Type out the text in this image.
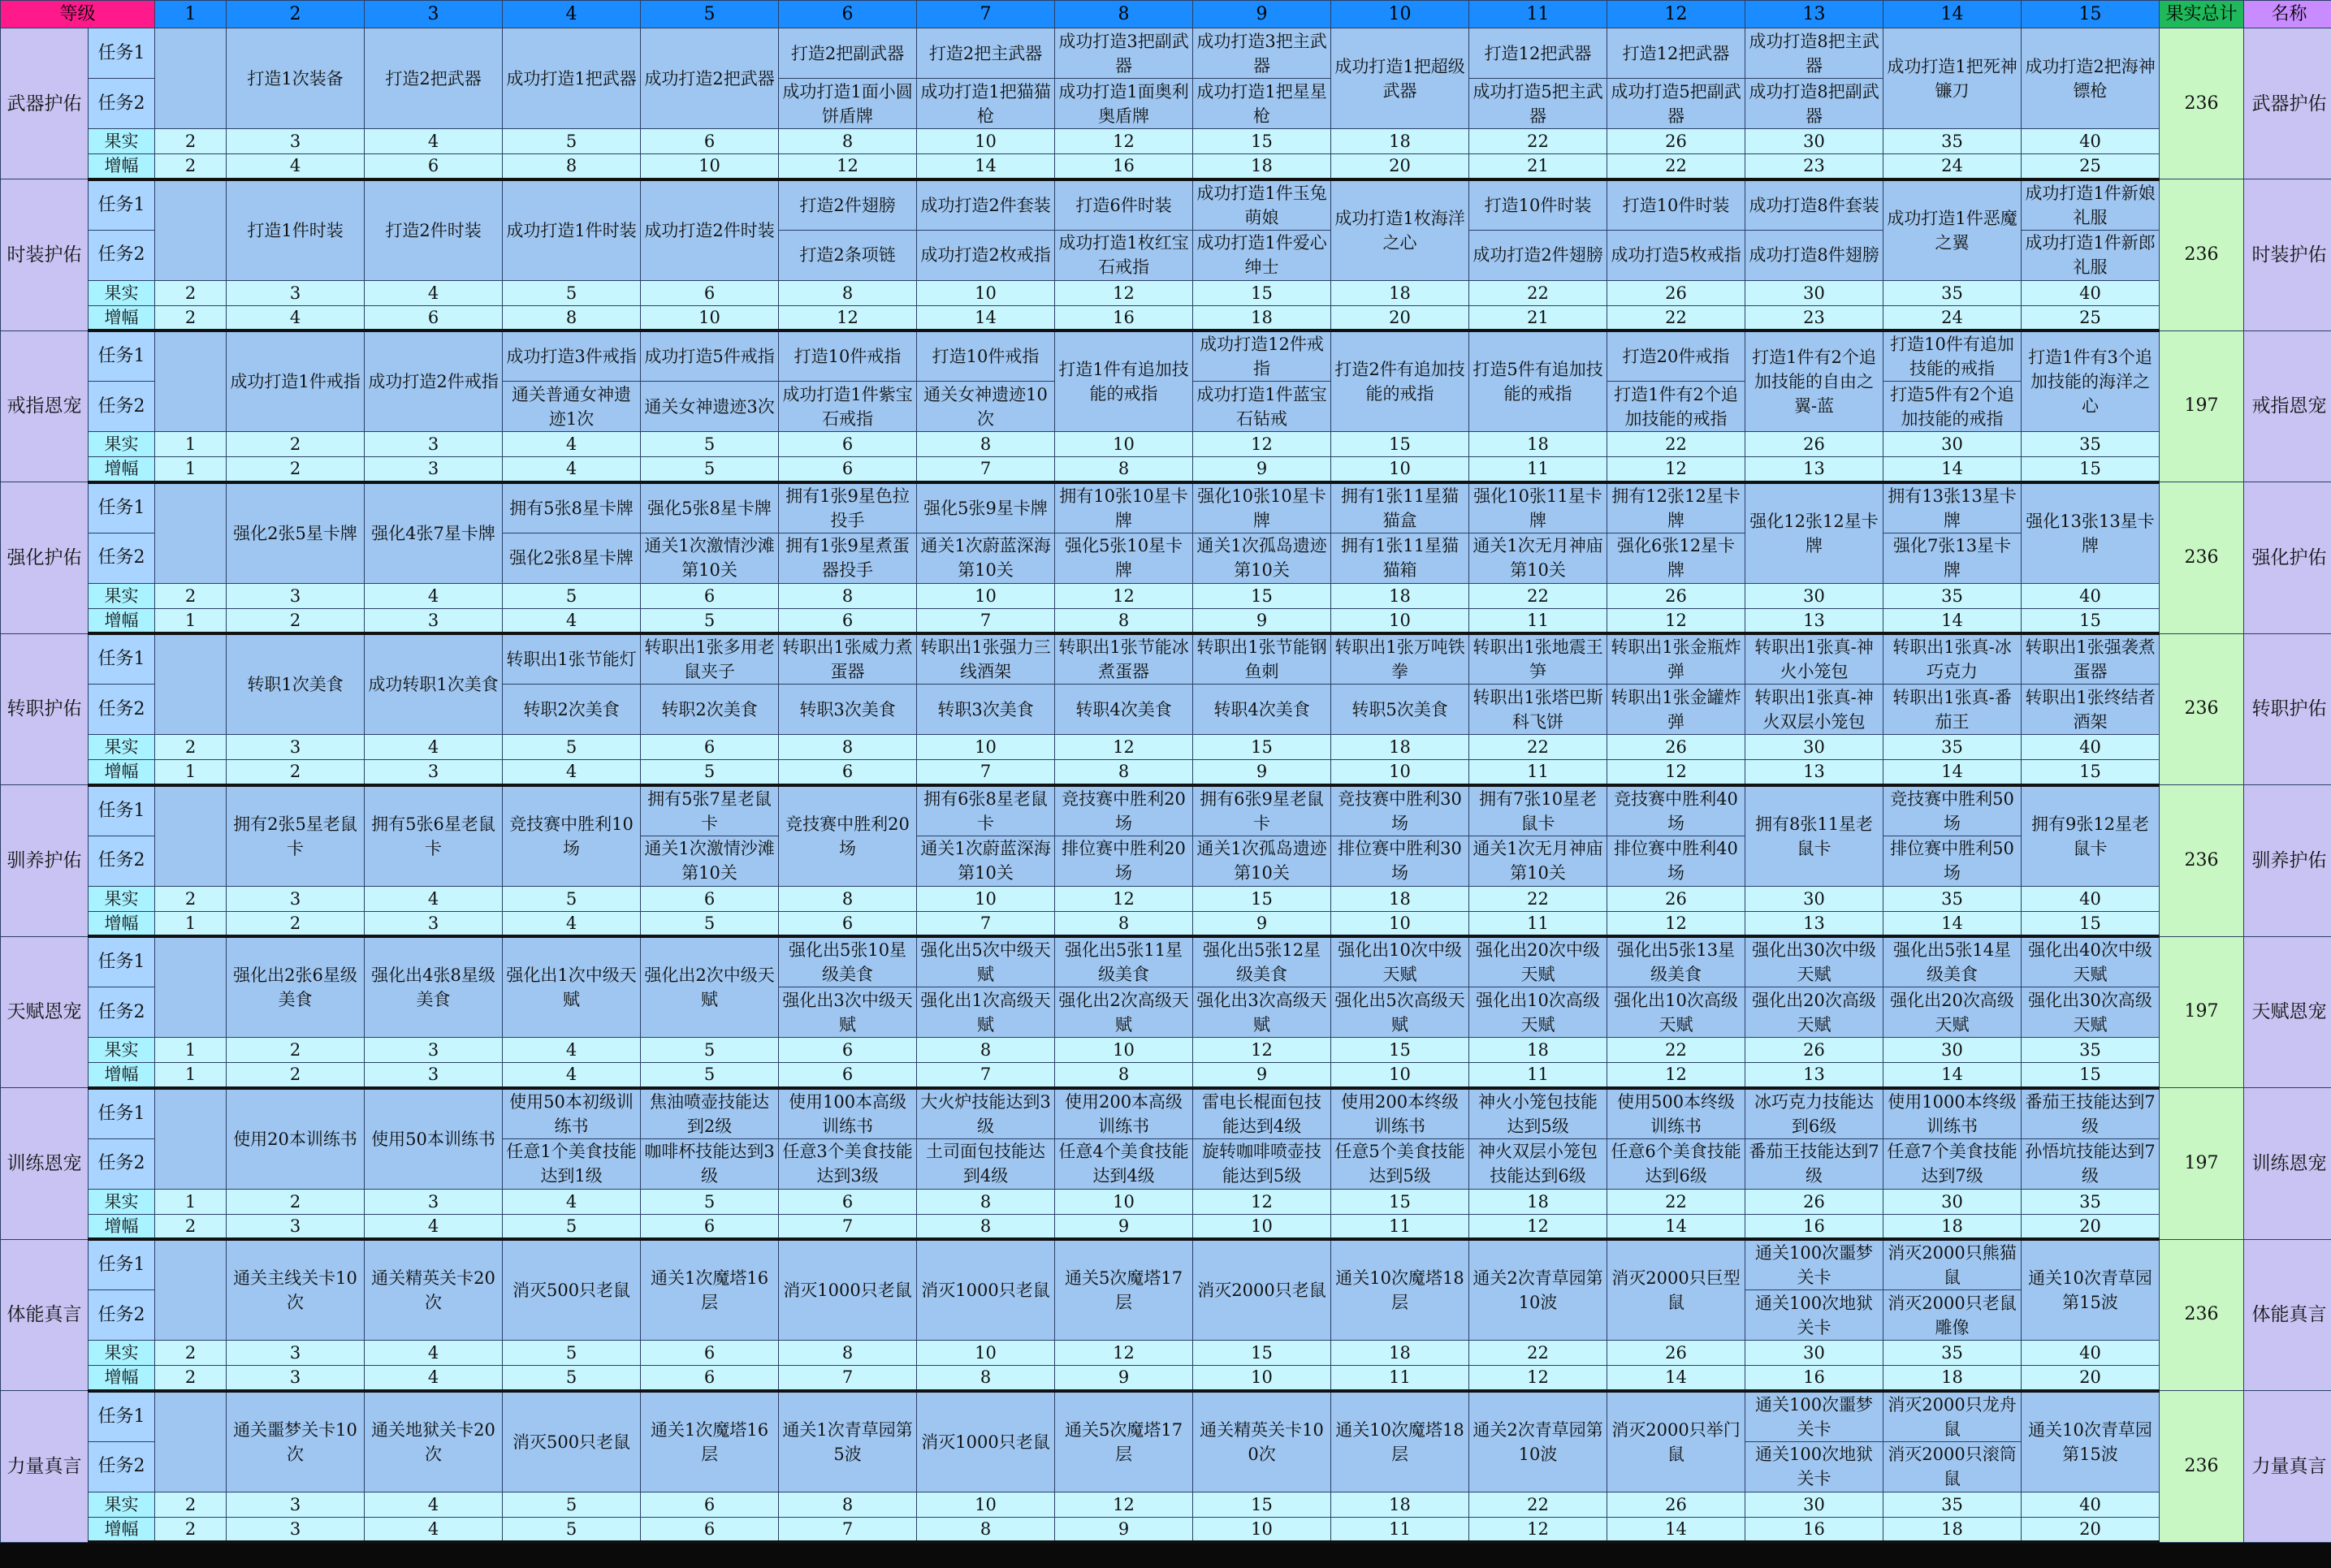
等级		1	2	3	4	5	6	7	8	9	10	11	12	13	14	15	果实总计	名称
武器护佑	任务1		打造1次装备	打造2把武器	成功打造1把武器	成功打造2把武器	打造2把副武器	打造2把主武器	成功打造3把副武器	成功打造3把主武器	成功打造1把超级武器	打造12把武器	打造12把武器	成功打造8把主武器	成功打造1把死神镰刀	成功打造2把海神镖枪	236	武器护佑
	任务2						成功打造1面小圆饼盾牌	成功打造1把猫猫枪	成功打造1面奥利奥盾牌	成功打造1把星星枪		成功打造5把主武器	成功打造5把副武器	成功打造8把副武器				
	果实	2	3	4	5	6	8	10	12	15	18	22	26	30	35	40		
	增幅	2	4	6	8	10	12	14	16	18	20	21	22	23	24	25		
时装护佑	任务1		打造1件时装	打造2件时装	成功打造1件时装	成功打造2件时装	打造2件翅膀	成功打造2件套装	打造6件时装	成功打造1件玉兔萌娘	成功打造1枚海洋之心	打造10件时装	打造10件时装	成功打造8件套装	成功打造1件恶魔之翼	成功打造1件新娘礼服	236	时装护佑
	任务2						打造2条项链	成功打造2枚戒指	成功打造1枚红宝石戒指	成功打造1件爱心绅士		成功打造2件翅膀	成功打造5枚戒指	成功打造8件翅膀		成功打造1件新郎礼服		
	果实	2	3	4	5	6	8	10	12	15	18	22	26	30	35	40		
	增幅	2	4	6	8	10	12	14	16	18	20	21	22	23	24	25		
戒指恩宠	任务1		成功打造1件戒指	成功打造2件戒指	成功打造3件戒指	成功打造5件戒指	打造10件戒指	打造10件戒指	打造1件有追加技能的戒指	成功打造12件戒指	打造2件有追加技能的戒指	打造5件有追加技能的戒指	打造20件戒指	打造1件有2个追加技能的自由之翼-蓝	打造10件有追加技能的戒指	打造1件有3个追加技能的海洋之心	197	戒指恩宠
	任务2				通关普通女神遗迹1次	通关女神遗迹3次	成功打造1件紫宝石戒指	通关女神遗迹10次		成功打造1件蓝宝石钻戒			打造1件有2个追加技能的戒指		打造5件有2个追加技能的戒指			
	果实	1	2	3	4	5	6	8	10	12	15	18	22	26	30	35		
	增幅	1	2	3	4	5	6	7	8	9	10	11	12	13	14	15		
强化护佑	任务1		强化2张5星卡牌	强化4张7星卡牌	拥有5张8星卡牌	强化5张8星卡牌	拥有1张9星色拉投手	强化5张9星卡牌	拥有10张10星卡牌	强化10张10星卡牌	拥有1张11星猫猫盒	强化10张11星卡牌	拥有12张12星卡牌	强化12张12星卡牌	拥有13张13星卡牌	强化13张13星卡牌	236	强化护佑
	任务2				强化2张8星卡牌	通关1次激情沙滩第10关	拥有1张9星煮蛋器投手	通关1次蔚蓝深海第10关	强化5张10星卡牌	通关1次孤岛遗迹第10关	拥有1张11星猫猫箱	通关1次无月神庙第10关	强化6张12星卡牌		强化7张13星卡牌			
	果实	2	3	4	5	6	8	10	12	15	18	22	26	30	35	40		
	增幅	1	2	3	4	5	6	7	8	9	10	11	12	13	14	15		
转职护佑	任务1		转职1次美食	成功转职1次美食	转职出1张节能灯	转职出1张多用老鼠夹子	转职出1张威力煮蛋器	转职出1张强力三线酒架	转职出1张节能冰煮蛋器	转职出1张节能钢鱼刺	转职出1张万吨铁拳	转职出1张地震王笋	转职出1张金瓶炸弹	转职出1张真-神火小笼包	转职出1张真-冰巧克力	转职出1张强袭煮蛋器	236	转职护佑
	任务2				转职2次美食	转职2次美食	转职3次美食	转职3次美食	转职4次美食	转职4次美食	转职5次美食	转职出1张塔巴斯科飞饼	转职出1张金罐炸弹	转职出1张真-神火双层小笼包	转职出1张真-番茄王	转职出1张终结者酒架		
	果实	2	3	4	5	6	8	10	12	15	18	22	26	30	35	40		
	增幅	1	2	3	4	5	6	7	8	9	10	11	12	13	14	15		
驯养护佑	任务1		拥有2张5星老鼠卡	拥有5张6星老鼠卡	竞技赛中胜利10场	拥有5张7星老鼠卡	竞技赛中胜利20场	拥有6张8星老鼠卡	竞技赛中胜利20场	拥有6张9星老鼠卡	竞技赛中胜利30场	拥有7张10星老鼠卡	竞技赛中胜利40场	拥有8张11星老鼠卡	竞技赛中胜利50场	拥有9张12星老鼠卡	236	驯养护佑
	任务2					通关1次激情沙滩第10关		通关1次蔚蓝深海第10关	排位赛中胜利20场	通关1次孤岛遗迹第10关	排位赛中胜利30场	通关1次无月神庙第10关	排位赛中胜利40场		排位赛中胜利50场			
	果实	2	3	4	5	6	8	10	12	15	18	22	26	30	35	40		
	增幅	1	2	3	4	5	6	7	8	9	10	11	12	13	14	15		
天赋恩宠	任务1		强化出2张6星级美食	强化出4张8星级美食	强化出1次中级天赋	强化出2次中级天赋	强化出5张10星级美食	强化出5次中级天赋	强化出5张11星级美食	强化出5张12星级美食	强化出10次中级天赋	强化出20次中级天赋	强化出5张13星级美食	强化出30次中级天赋	强化出5张14星级美食	强化出40次中级天赋	197	天赋恩宠
	任务2						强化出3次中级天赋	强化出1次高级天赋	强化出2次高级天赋	强化出3次高级天赋	强化出5次高级天赋	强化出10次高级天赋	强化出10次高级天赋	强化出20次高级天赋	强化出20次高级天赋	强化出30次高级天赋		
	果实	1	2	3	4	5	6	8	10	12	15	18	22	26	30	35		
	增幅	1	2	3	4	5	6	7	8	9	10	11	12	13	14	15		
训练恩宠	任务1		使用20本训练书	使用50本训练书	使用50本初级训练书	焦油喷壶技能达到2级	使用100本高级训练书	大火炉技能达到3级	使用200本高级训练书	雷电长棍面包技能达到4级	使用200本终级训练书	神火小笼包技能达到5级	使用500本终级训练书	冰巧克力技能达到6级	使用1000本终级训练书	番茄王技能达到7级	197	训练恩宠
	任务2				任意1个美食技能达到1级	咖啡杯技能达到3级	任意3个美食技能达到3级	土司面包技能达到4级	任意4个美食技能达到4级	旋转咖啡喷壶技能达到5级	任意5个美食技能达到5级	神火双层小笼包技能达到6级	任意6个美食技能达到6级	番茄王技能达到7级	任意7个美食技能达到7级	孙悟坑技能达到7级		
	果实	1	2	3	4	5	6	8	10	12	15	18	22	26	30	35		
	增幅	2	3	4	5	6	7	8	9	10	11	12	14	16	18	20		
体能真言	任务1		通关主线关卡10次	通关精英关卡20次	消灭500只老鼠	通关1次魔塔16层	消灭1000只老鼠	消灭1000只老鼠	通关5次魔塔17层	消灭2000只老鼠	通关10次魔塔18层	通关2次青草园第10波	消灭2000只巨型鼠	通关100次噩梦关卡	消灭2000只熊猫鼠	通关10次青草园第15波	236	体能真言
	任务2													通关100次地狱关卡	消灭2000只老鼠雕像			
	果实	2	3	4	5	6	8	10	12	15	18	22	26	30	35	40		
	增幅	2	3	4	5	6	7	8	9	10	11	12	14	16	18	20		
力量真言	任务1		通关噩梦关卡10次	通关地狱关卡20次	消灭500只老鼠	通关1次魔塔16层	通关1次青草园第5波	消灭1000只老鼠	通关5次魔塔17层	通关精英关卡100次	通关10次魔塔18层	通关2次青草园第10波	消灭2000只举门鼠	通关100次噩梦关卡	消灭2000只龙舟鼠	通关10次青草园第15波	236	力量真言
	任务2													通关100次地狱关卡	消灭2000只滚筒鼠			
	果实	2	3	4	5	6	8	10	12	15	18	22	26	30	35	40		
	增幅	2	3	4	5	6	7	8	9	10	11	12	14	16	18	20		
